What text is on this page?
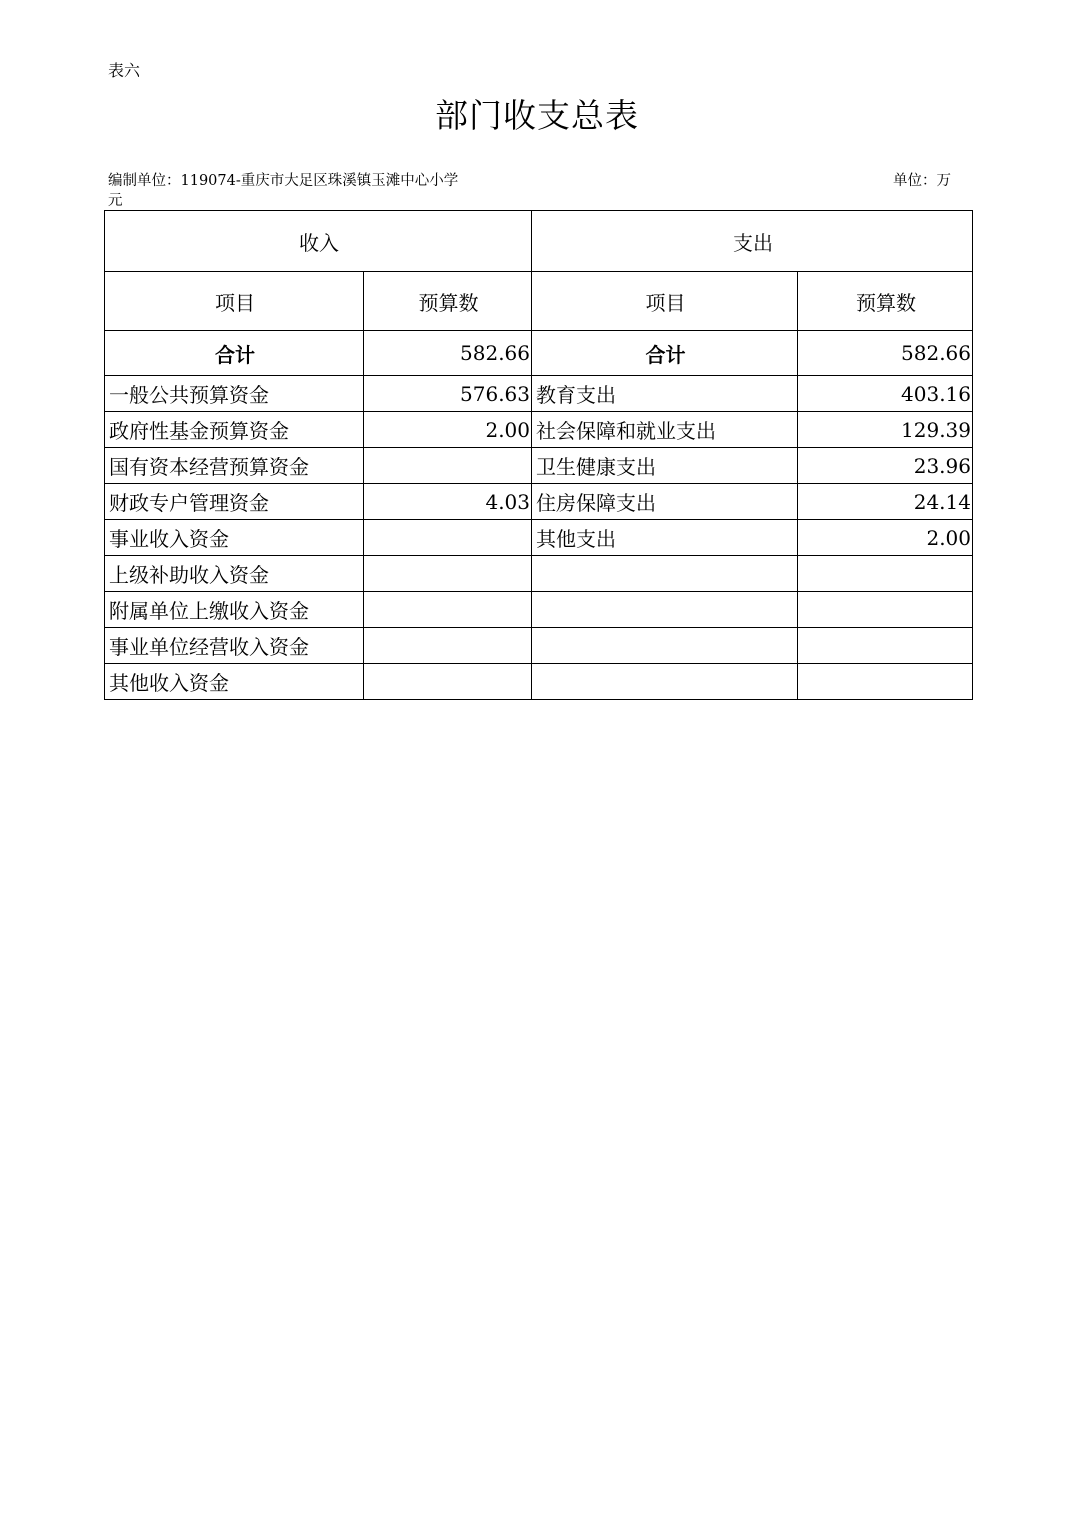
表六
部门收支总表
编制单位：119074-重庆市大足区珠溪镇玉滩中心小学	单位：万
元
收入		支出	
项目	预算数	项目	预算数
合计	582.66	合计	582.66
一般公共预算资金	576.63	教育支出	403.16
政府性基金预算资金	2.00	社会保障和就业支出	129.39
国有资本经营预算资金		卫生健康支出	23.96
财政专户管理资金	4.03	住房保障支出	24.14
事业收入资金		其他支出	2.00
上级补助收入资金			
附属单位上缴收入资金			
事业单位经营收入资金			
其他收入资金			
